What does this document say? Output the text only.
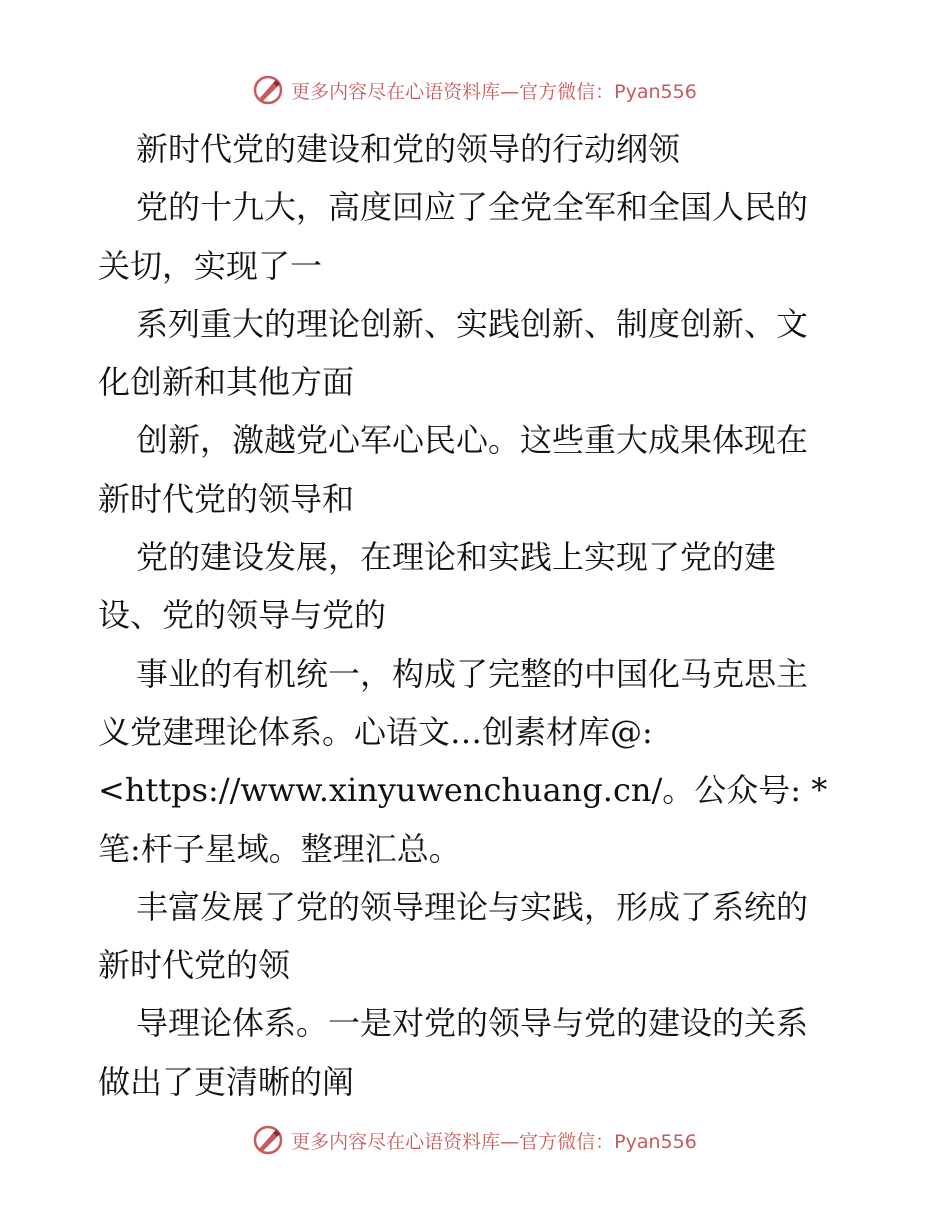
更多内容尽在心语资料库—官方微信：Pyan556
新时代党的建设和党的领导的行动纲领
党的十九大，高度回应了全党全军和全国人民的
关切，实现了一
系列重大的理论创新、实践创新、制度创新、文
化创新和其他方面
创新，激越党心军心民心。这些重大成果体现在
新时代党的领导和
党的建设发展，在理论和实践上实现了党的建
设、党的领导与党的
事业的有机统一，构成了完整的中国化马克思主
义党建理论体系。心语文…创素材库@:
<https://www.xinyuwenchuang.cn/。公众号: *
笔:杆子星域。整理汇总。
丰富发展了党的领导理论与实践，形成了系统的
新时代党的领
导理论体系。一是对党的领导与党的建设的关系
做出了更清晰的阐
更多内容尽在心语资料库—官方微信：Pyan556
